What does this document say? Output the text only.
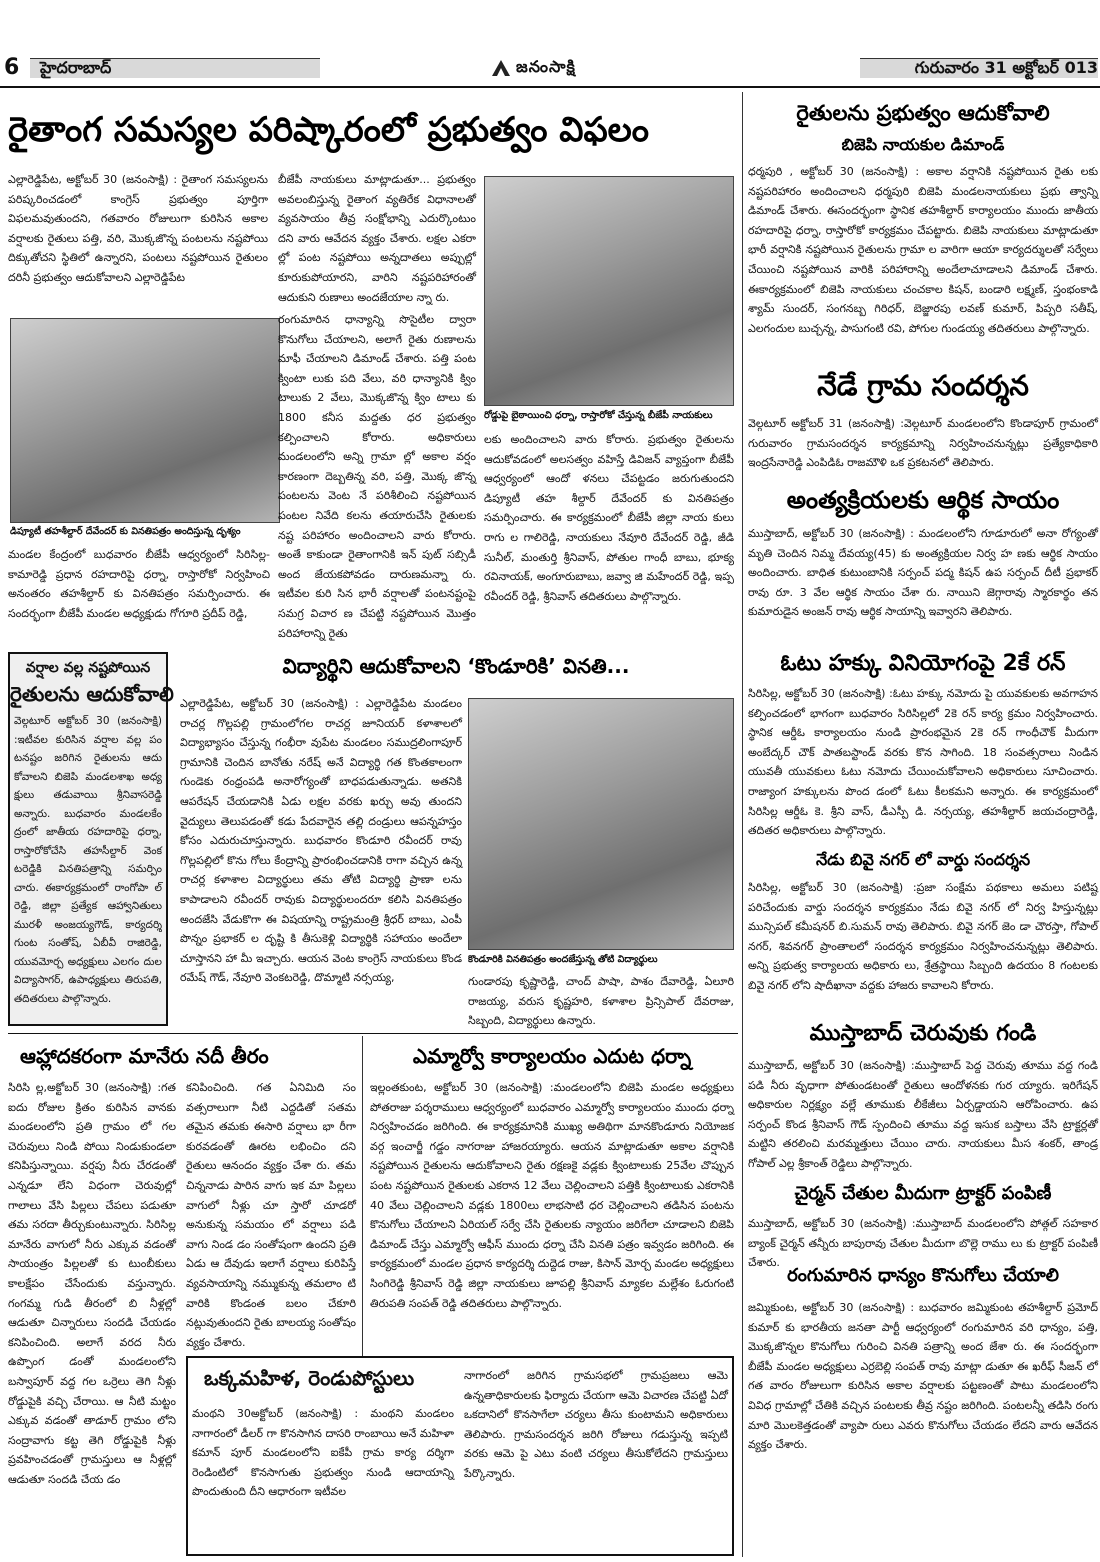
6	హైదరాబాద్	జనంసాక్షి	గురువారం 31 అక్టోబర్ 013
రైతాంగ సమస్యల పరిష్కారంలో ప్రభుత్వం విఫలం
ఎల్లారెడ్డిపేట, అక్టోబర్ 30 (జనంసాక్షి) : రైతాంగ సమస్యలను పరిష్కరించడంలో కాంగ్రెస్ ప్రభుత్వం పూర్తిగా విఫలమవుతుందని, గతవారం రోజులుగా కురిసిన అకాల వర్షాలకు రైతులు పత్తి, వరి, మొక్కజొన్న పంటలను నష్టపోయి దిక్కుతోచని స్థితిలో ఉన్నారని, పంటలు నష్టపోయిన రైతులం దరినీ ప్రభుత్వం ఆదుకోవాలని ఎల్లారెడ్డిపేట
డిప్యూటీ తహశీల్దార్ దేవేందర్ కు వినతిపత్రం అందిస్తున్న దృశ్యం
మండల కేంద్రంలో బుధవారం బీజేపీ ఆధ్వర్యంలో సిరిసిల్ల-కామారెడ్డి ప్రధాన రహదారిపై ధర్నా, రాస్తారోకో నిర్వహించి అనంతరం తహశీల్దార్ కు వినతిపత్రం సమర్పించారు. ఈ సందర్భంగా బీజేపీ మండల అధ్యక్షుడు గోగూరి ప్రదీప్ రెడ్డి,
బీజేపీ నాయకులు మాట్లాడుతూ... ప్రభుత్వం అవలంబిస్తున్న రైతాంగ వ్యతిరేక విధానాలతో వ్యవసాయం తీవ్ర సంక్షోభాన్ని ఎదుర్కొంటుం దని వారు ఆవేదన వ్యక్తం చేశారు. లక్షల ఎకరా ల్లో పంట నష్టపోయి అన్నదాతలు అప్పుల్లో కూరుకుపోయారని, వారిని నష్టపరిహారంతో ఆదుకుని రుణాలు అందజేయాల న్నా రు.
రంగుమారిన ధాన్యాన్ని సొసైటీల ద్వారా కొనుగోలు చేయాలని, అలాగే రైతు రుణాలను మాఫీ చేయాలని డిమాండ్ చేశారు. పత్తి పంట క్వింటా లుకు పది వేలు, వరి ధాన్యానికి క్విం టాలుకు 2 వేలు, మొక్కజొన్న క్విం టాలు కు 1800 కనీస మద్దతు ధర ప్రభుత్వం కల్పించాలని కోరారు. అధికారులు మండలంలోని అన్ని గ్రామా ల్లో అకాల వర్షం కారణంగా దెబ్బతిన్న వరి, పత్తి, మొక్క జొన్న పంటలను వెంట నే పరిశీలించి నష్టపోయిన పంటల నివేది కలను తయారుచేసి రైతులకు నష్ట పరిహారం అందించాలని వారు కోరారు. అంతే కాకుండా రైతాంగానికి ఇన్ పుట్ సబ్సిడీ అంద జేయకపోవడం దారుణమన్నా రు. ఇటీవల కురి సిన భారీ వర్షాలతో పంటనష్టంపై సమగ్ర విచార ణ చేపట్టి నష్టపోయిన మొత్తం పరిహారాన్ని రైతు
రోడ్డుపై బైఠాయించి ధర్నా, రాస్తారోకో చేస్తున్న బీజేపీ నాయకులు
లకు అందించాలని వారు కోరారు. ప్రభుత్వం రైతులను ఆదుకోవడంలో అలసత్వం వహిస్తే డివిజన్ వ్యాప్తంగా బీజేపీ ఆధ్వర్యంలో ఆందో ళనలు చేపట్టడం జరుగుతుందని డిప్యూటీ తహ శీల్దార్ దేవేందర్ కు వినతిపత్రం సమర్పించారు. ఈ కార్యక్రమంలో బీజేపీ జిల్లా నాయ కులు రాగు ల గాలిరెడ్డి, నాయకులు నేవూరి దేవేందర్ రెడ్డి, జీడి సునీల్, మంతుర్తి శ్రీనివాస్, పోతుల గాంధీ బాబు, భూక్య రవినాయక్, అంగూరుబాబు, జవ్వా జి మహేందర్ రెడ్డి, ఇప్ప రవీందర్ రెడ్డి, శ్రీనివాస్ తదితరులు పాల్గొన్నారు.
వర్షాల వల్ల నష్టపోయిన
రైతులను ఆదుకోవాలి
వెల్గటూర్ అక్టోబర్ 30 (జనంసాక్షి) :ఇటీవల కురిసిన వర్షాల వల్ల పం టనష్టం జరిగిన రైతులను ఆదు కోవాలని బిజెపి మండలశాఖ అధ్య క్షులు తడువాయి శ్రీనివాసరెడ్డి అన్నారు. బుధవారం మండలకేం ద్రంలో జాతీయ రహదారిపై ధర్నా, రాస్తారోకోచేసి తహసీల్దార్ వెంక టరెడ్డికి వినతిపత్రాన్ని సమర్పిం చారు. ఈకార్యక్రమంలో రాంగోపా ల్ రెడ్డి, జిల్లా ప్రత్యేక ఆహ్వానితులు మురళీ అంజయ్యగౌడ్, కార్యదర్శి గుంట సంతోష్, ఏబీవీ రాజిరెడ్డి, యువమోర్చ అధ్యక్షులు ఎలగం దుల విద్యాసాగర్, ఉపాధ్యక్షులు తిరుపతి, తదితరులు పాల్గొన్నారు.
విద్యార్థిని ఆదుకోవాలని ‘కొండూరికి’ వినతి...
ఎల్లారెడ్డిపేట, అక్టోబర్ 30 (జనంసాక్షి) : ఎల్లారెడ్డిపేట మండలం రాచర్ల గొల్లపల్లి గ్రామంలోగల రాచర్ల జూనియర్ కళాశాలలో విద్యాభ్యాసం చేస్తున్న గంభీరా వుపేట మండలం సముద్రలింగాపూర్ గ్రామానికి చెందిన బానోతు నరేష్ అనే విద్యార్థి గత కొంతకాలంగా గుండెకు రంధ్రంపడి అనారోగ్యంతో బాధపడుతున్నాడు. అతనికి ఆపరేషన్ చేయడానికి ఏడు లక్షల వరకు ఖర్చు అవు తుందని వైద్యులు తెలుపడంతో కడు పేదవారైన తల్లి దండ్రులు ఆపన్నహస్తం కోసం ఎదురుచూస్తున్నారు. బుధవారం కొండూరి రవీందర్ రావు గొల్లపల్లిలో కొను గోలు కేంద్రాన్ని ప్రారంభించడానికి రాగా వచ్చిన ఉన్న రాచర్ల కళాశాల విద్యార్థులు తమ తోటి విద్యార్థి ప్రాణా లను కాపాడాలని రవీందర్ రావుకు విద్యార్థులందరూ కలిసి వినతిపత్రం అందజేసి వేడుకొగా ఈ విషయాన్ని రాష్ట్రమంత్రి శ్రీధర్ బాబు, ఎంపీ పొన్నం ప్రభాకర్ ల దృష్టి కి తీసుకెళ్లి విద్యార్థికి సహాయం అందేలా చూస్తానని హా మీ ఇచ్చారు. ఆయన వెంట కాంగ్రెస్ నాయకులు కొండ రమేష్ గౌడ్, నేవూరి వెంకటరెడ్డి, దొమ్మాటి నర్సయ్య,
కొండూరికి వినతిపత్రం అందజేస్తున్న తోటి విద్యార్థులు
గుండారపు కృష్ణారెడ్డి, చాంద్ పాషా, పాశం దేవారెడ్డి, ఏలూరి రాజయ్య, వరుస కృష్ణహరి, కళాశాల ప్రిన్సిపాల్ దేవరాజు, సిబ్బంది, విద్యార్థులు ఉన్నారు.
ఆహ్లాదకరంగా మానేరు నదీ తీరం
సిరిసి ల్ల,అక్టోబర్ 30 (జనంసాక్షి) :గత ఐదు రోజుల క్రితం కురిసిన వానకు మండలంలోని ప్రతి గ్రామం లో గల చెరువులు నిండి పోయి నిండుకుండలా కనిపిస్తున్నాయి. వర్షపు నీరు చేరడంతో ఎన్నడూ లేని విధంగా చెరువుల్లో గాలాలు వేసి పిల్లలు చేపలు పడుతూ తమ సరదా తీర్చుకుంటున్నారు. సిరిసిల్ల మానేరు వాగులో నీరు ఎక్కువ వడంతో సాయంత్రం పిల్లలతో కు టుంబీకులు కాలక్షేపం చేసేందుకు వస్తున్నారు. గంగమ్మ గుడి తీరంలో బి నీళ్లల్లో ఆడుతూ చిన్నారులు సందడి చేయడం కనిపించింది. అలాగే వరద నీరు ఉప్పొంగ డంతో మండలంలోని బస్వాపూర్ వద్ద గల ఒర్రెలు తెగి నీళ్లు రోడ్డుపైకి వచ్చి చేరాయి. ఆ నీటి మట్టం ఎక్కువ వడంతో తాడూర్ గ్రామం లోని సంద్రావాగు కట్ట తెగి రోడ్డుపైకి నీళ్లు ప్రవహించడంతో గ్రామస్తులు ఆ నీళ్లల్లో ఆడుతూ సందడి చేయ డం
కనిపించింది. గత ఏనిమిది సం వత్సరాలుగా నీటి ఎద్దడితో సతమ తమైన తమకు ఈసారి వర్షాలు భా రీగా కురవడంతో ఊరట లభించిం దని రైతులు ఆనందం వ్యక్తం చేశా రు. తమ చిన్ననాడు పారిన వాగు ఇక మా పిల్లలు వాగులో నీళ్లు చూ స్తారో చూడరో అనుకున్న సమయం లో వర్షాలు పడి వాగు నిండ డం సంతోషంగా ఉందని ప్రతి ఏడు ఆ దేవుడు ఇలాగే వర్షాలు కురిపిస్తే వ్యవసాయాన్ని నమ్ముకున్న తమలాం టి వారికి కొండంత బలం చేకూరి నట్లువుతుందని రైతు బాలయ్య సంతోషం వ్యక్తం చేశారు.
ఎమ్మార్వో కార్యాలయం ఎదుట ధర్నా
ఇల్లంతకుంట, అక్టోబర్ 30 (జనంసాక్షి) :మండలంలోని బిజెపి మండల అధ్యక్షులు పోతరాజు పర్శరాములు ఆధ్వర్యంలో బుధవారం ఎమ్మార్వో కార్యాలయం ముందు ధర్నా నిర్వహించడం జరిగింది. ఈ కార్యక్రమానికి ముఖ్య అతిథిగా మానకొండూరు నియోజక వర్గ ఇంచార్జీ గడ్డం నాగరాజు హాజరయ్యారు. ఆయన మాట్లాడుతూ అకాల వర్షానికి నష్టపోయిన రైతులను ఆదుకోవాలని రైతు రక్షణకై వడ్లకు క్వింటాలుకు 25వేల చొప్పున పంట నష్టపోయిన రైతులకు ఎకరాన 12 వేలు చెల్లించాలని పత్తికి క్వింటాలుకు ఎకరానికి 40 వేలు చెల్లించాలని వడ్లకు 1800లు లాభసాటి ధర చెల్లించాలని తడిసిన పంటను కొనుగోలు చేయాలని ఏరియల్ సర్వే చేసి రైతులకు న్యాయం జరిగేలా చూడాలని బిజెపి డిమాండ్ చేస్తు ఎమ్మార్వో ఆఫీస్ ముందు ధర్నా చేసి వినతి పత్రం ఇవ్వడం జరిగింది. ఈ కార్యక్రమంలో మండల ప్రధాన కార్యదర్శి దుద్దెడ రాజు, కిసాన్ మోర్చ మండల అధ్యక్షులు సింగిరెడ్డి శ్రీనివాస్ రెడ్డి జిల్లా నాయకులు జూపల్లి శ్రీనివాస్ మ్యాకల మల్లేశం ఓరుగంటి తిరుపతి సంపత్ రెడ్డి తదితరులు పాల్గొన్నారు.
ఒక్కమహిళ, రెండుపోస్టులు
మంథని 30అక్టోబర్ (జనంసాక్షి) : మంథని మండలం నాగారంలో డీలర్ గా కొనసాగిన దాసరి రాంబాయి అనే మహిళా కమాన్ పూర్ మండలంలోని ఐకేపీ గ్రామ కార్య దర్శిగా రెండింటిలో కొనసాగుతు ప్రభుత్వం నుండి ఆదాయాన్ని పొందుతుంది దీని ఆధారంగా ఇటీవల
నాగారంలో జరిగిన గ్రామసభలో గ్రామప్రజలు ఆమె ఉన్నతాధికారులకు ఫిర్యాదు చేయగా ఆమె విచారణ చేపట్టి ఏదో ఒకదానిలో కొనసాగేలా చర్యలు తీసు కుంటామని అధికారులు తెలిపారు. గ్రామసందర్శన జరిగి రోజులు గడుస్తున్న ఇప్పటి వరకు ఆమె పై ఎటు వంటి చర్యలు తీసుకోలేదని గ్రామస్తులు పేర్కొన్నారు.
రైతులను ప్రభుత్వం ఆదుకోవాలి
బిజెపి నాయకుల డిమాండ్
ధర్మపురి , అక్టోబర్ 30 (జనంసాక్షి) : అకాల వర్షానికి నష్టపోయిన రైతు లకు నష్టపరిహారం అందించాలని ధర్మపురి బిజెపి మండలనాయకులు ప్రభు త్వాన్ని డిమాండ్ చేశారు. ఈసందర్భంగా స్థానిక తహశీల్దార్ కార్యాలయం ముందు జాతీయ రహదారిపై ధర్నా, రాస్తారోకో కార్యక్రమం చేపట్టారు. బిజెపి నాయకులు మాట్లాడుతూ భారీ వర్షానికి నష్టపోయిన రైతులను గ్రామా ల వారిగా ఆయా కార్యదర్శులతో సర్వేలు చేయించి నష్టపోయిన వారికి పరిహారాన్ని అందేలాచూడాలని డిమాండ్ చేశారు. ఈకార్యక్రమంలో బిజెపి నాయకులు చంచకాల కిషన్, బండారి లక్ష్మణ్, స్తంభంకాడి శ్యామ్ సుందర్, సంగనబ్బ గిరిధర్, బెజ్జారపు లవణ్ కుమార్, పిప్పరి సతీష్, ఎలగందుల బుచ్చన్న, పాసుగంటి రవి, పోగుల గుండయ్య తదితరులు పాల్గొన్నారు.
నేడే గ్రామ సందర్శన
వెల్గటూర్ అక్టోబర్ 31 (జనంసాక్షి) :వెల్గటూర్ మండలంలోని కొండాపూర్ గ్రామంలో గురువారం గ్రామసందర్శన కార్యక్రమాన్ని నిర్వహించనున్నట్లు ప్రత్యేకాధికారి ఇంద్రసేనారెడ్డి ఎంపిడిఓ రాజమౌళి ఒక ప్రకటనలో తెలిపారు.
అంత్యక్రియలకు ఆర్థిక సాయం
ముస్తాబాద్, అక్టోబర్ 30 (జనంసాక్షి) : మండలంలోని గూడూరులో అనా రోగ్యంతో మృతి చెందిన నిమ్మ దేవయ్య(45) కు అంత్యక్రియల నిర్వ హ ణకు ఆర్థిక సాయం అందించారు. బాధిత కుటుంబానికి సర్పంచ్ పద్మ కిషన్ ఉప సర్పంచ్ దీటీ ప్రభాకర్ రావు రూ. 3 వేల ఆర్థిక సాయం చేశా రు. నాయిని జెగ్గారావు స్మారకార్థం తన కుమారుడైన అంజన్ రావు ఆర్థిక సాయాన్ని ఇవ్వారని తెలిపారు.
ఓటు హక్కు వినియోగంపై 2కే రన్
సిరిసిల్ల, అక్టోబర్ 30 (జనంసాక్షి) :ఓటు హక్కు నమోదు పై యువకులకు అవగాహన కల్పించడంలో భాగంగా బుధవారం సిరిసిల్లలో 2కె రన్ కార్య క్రమం నిర్వహించారు. స్థానిక ఆర్డీఓ కార్యాలయం నుండి ప్రారంభమైన 2కె రన్ గాంధీచౌక్ మీదుగా అంబేద్కర్ చౌక్ పాతబస్టాండ్ వరకు కొన సాగింది. 18 సంవత్సరాలు నిండిన యువతీ యువకులు ఓటు నమోదు చేయించుకోవాలని అధికారులు సూచించారు. రాజ్యాంగ హక్కులను పొంద డంలో ఓటు కీలకమని అన్నారు. ఈ కార్యక్రమంలో సిరిసిల్ల ఆర్డీఓ కె. శ్రీని వాస్, డీఎస్పీ డి. నర్సయ్య, తహశీల్దార్ జయచంద్రారెడ్డి, తదితర అధికారులు పాల్గొన్నారు.
నేడు బివై నగర్ లో వార్డు సందర్శన
సిరిసిల్ల, అక్టోబర్ 30 (జనంసాక్షి) :ప్రజా సంక్షేమ పథకాలు అమలు పటిష్ట పరిచేందుకు వార్డు సందర్శన కార్యక్రమం నేడు బివై నగర్ లో నిర్వ హిస్తున్నట్లు మున్సిపల్ కమీషనర్ బి.సుమన్ రావు తెలిపారు. బివై నగర్ జెం డా చౌరస్తా, గోపాల్ నగర్, శివనగర్ ప్రాంతాలలో సందర్శన కార్యక్రమం నిర్వహించనున్నట్లు తెలిపారు. అన్ని ప్రభుత్వ కార్యాలయ అధికారు లు, శ్రేత్రస్థాయి సిబ్బంది ఉదయం 8 గంటలకు బివై నగర్ లోని షాదీఖానా వద్దకు హాజరు కావాలని కోరారు.
ముస్తాబాద్ చెరువుకు గండి
ముస్తాబాద్, అక్టోబర్ 30 (జనంసాక్షి) :ముస్తాబాద్ పెద్ద చెరువు తూము వద్ద గండి పడి నీరు వృధాగా పోతుండటంతో రైతులు ఆందోళనకు గుర య్యారు. ఇరిగేషన్ అధికారుల నిర్లక్ష్యం వల్లే తూముకు లీకేజీలు ఏర్పడ్డాయని ఆరోపించారు. ఉప సర్పంచ్ కొండ శ్రీనివాస్ గౌడ్ స్పందించి తూము వద్ద ఇసుక బస్తాలు వేసి ట్రాక్టర్లతో మట్టిని తరలించి మరమ్మత్తులు చేయిం చారు. నాయకులు మీస శంకర్, తాండ్ర గోపాల్ ఎల్ల శ్రీకాంత్ రెడ్డిలు పాల్గొన్నారు.
చైర్మన్ చేతుల మీదుగా ట్రాక్టర్ పంపిణీ
ముస్తాబాద్, అక్టోబర్ 30 (జనంసాక్షి) :ముస్తాబాద్ మండలంలోని పోత్గల్ సహకార బ్యాంక్ చైర్మన్ తన్నీరు బాపురావు చేతుల మీదుగా బొల్లె రాము లు కు ట్రాక్టర్ పంపిణీ చేశారు.
రంగుమారిన ధాన్యం కొనుగోలు చేయాలి
జమ్మికుంట, అక్టోబర్ 30 (జనంసాక్షి) : బుధవారం జమ్మికుంట తహశీల్దార్ ప్రమోద్ కుమార్ కు భారతీయ జనతా పార్టీ ఆధ్వర్యంలో రంగుమారిన వరి ధాన్యం, పత్తి, మొక్కజొన్నల కొనుగోలు గురించి వినతి పత్రాన్ని అంద జేశా రు. ఈ సందర్భంగా బీజేపీ మండల అధ్యక్షులు ఎర్రబెల్లి సంపత్ రావు మాట్లా డుతూ ఈ ఖరీఫ్ సీజన్ లో గత వారం రోజులుగా కురిసిన అకాల వర్షాలకు పట్టణంతో పాటు మండలంలోని వివిధ గ్రామాల్లో చేతికి వచ్చిన పంటలకు తీవ్ర నష్టం జరిగింది. పంటలన్నీ తడిసి రంగు మారి మొలకెత్తడంతో వ్యాపా రులు ఎవరు కొనుగోలు చేయడం లేదని వారు ఆవేదన వ్యక్తం చేశారు.
